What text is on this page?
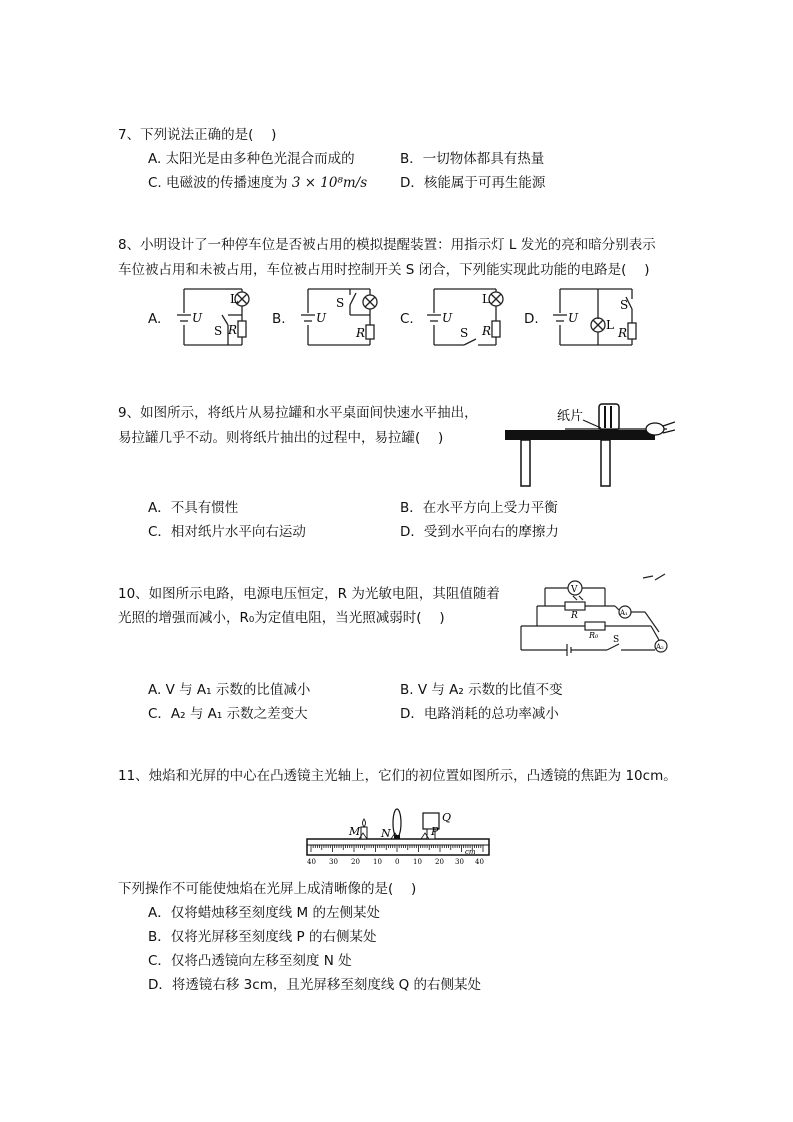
7、下列说法正确的是(　 )
A. 太阳光是由多种色光混合而成的	B．一切物体都具有热量
C. 电磁波的传播速度为 3 × 10⁸m/s D．核能属于可再生能源
8、小明设计了一种停车位是否被占用的模拟提醒装置：用指示灯 L 发光的亮和暗分别表示
车位被占用和未被占用，车位被占用时控制开关 S 闭合，下列能实现此功能的电路是(　 )
A.	B.	C.	D.
L
S
U
R
S
U
R
L
S
U
R
S
L
U
R
9、如图所示，将纸片从易拉罐和水平桌面间快速水平抽出，
易拉罐几乎不动。则将纸片抽出的过程中，易拉罐(　 )
纸片
A．不具有惯性	B．在水平方向上受力平衡
C．相对纸片水平向右运动	D．受到水平向右的摩擦力
10、如图所示电路，电源电压恒定，R 为光敏电阻，其阻值随着
光照的增强而减小，R₀为定值电阻，当光照减弱时(　 )
V
R	A₁
R₀ S
A₂
A. V 与 A₁ 示数的比值减小	B. V 与 A₂ 示数的比值不变
C．A₂ 与 A₁ 示数之差变大	D．电路消耗的总功率减小
11、烛焰和光屏的中心在凸透镜主光轴上，它们的初位置如图所示，凸透镜的焦距为 10cm。
M N	P
Q
40 30 20 10 0 10 20 30 40
cm
下列操作不可能使烛焰在光屏上成清晰像的是(　 )
A．仅将蜡烛移至刻度线 M 的左侧某处
B．仅将光屏移至刻度线 P 的右侧某处
C．仅将凸透镜向左移至刻度 N 处
D．将透镜右移 3cm，且光屏移至刻度线 Q 的右侧某处
